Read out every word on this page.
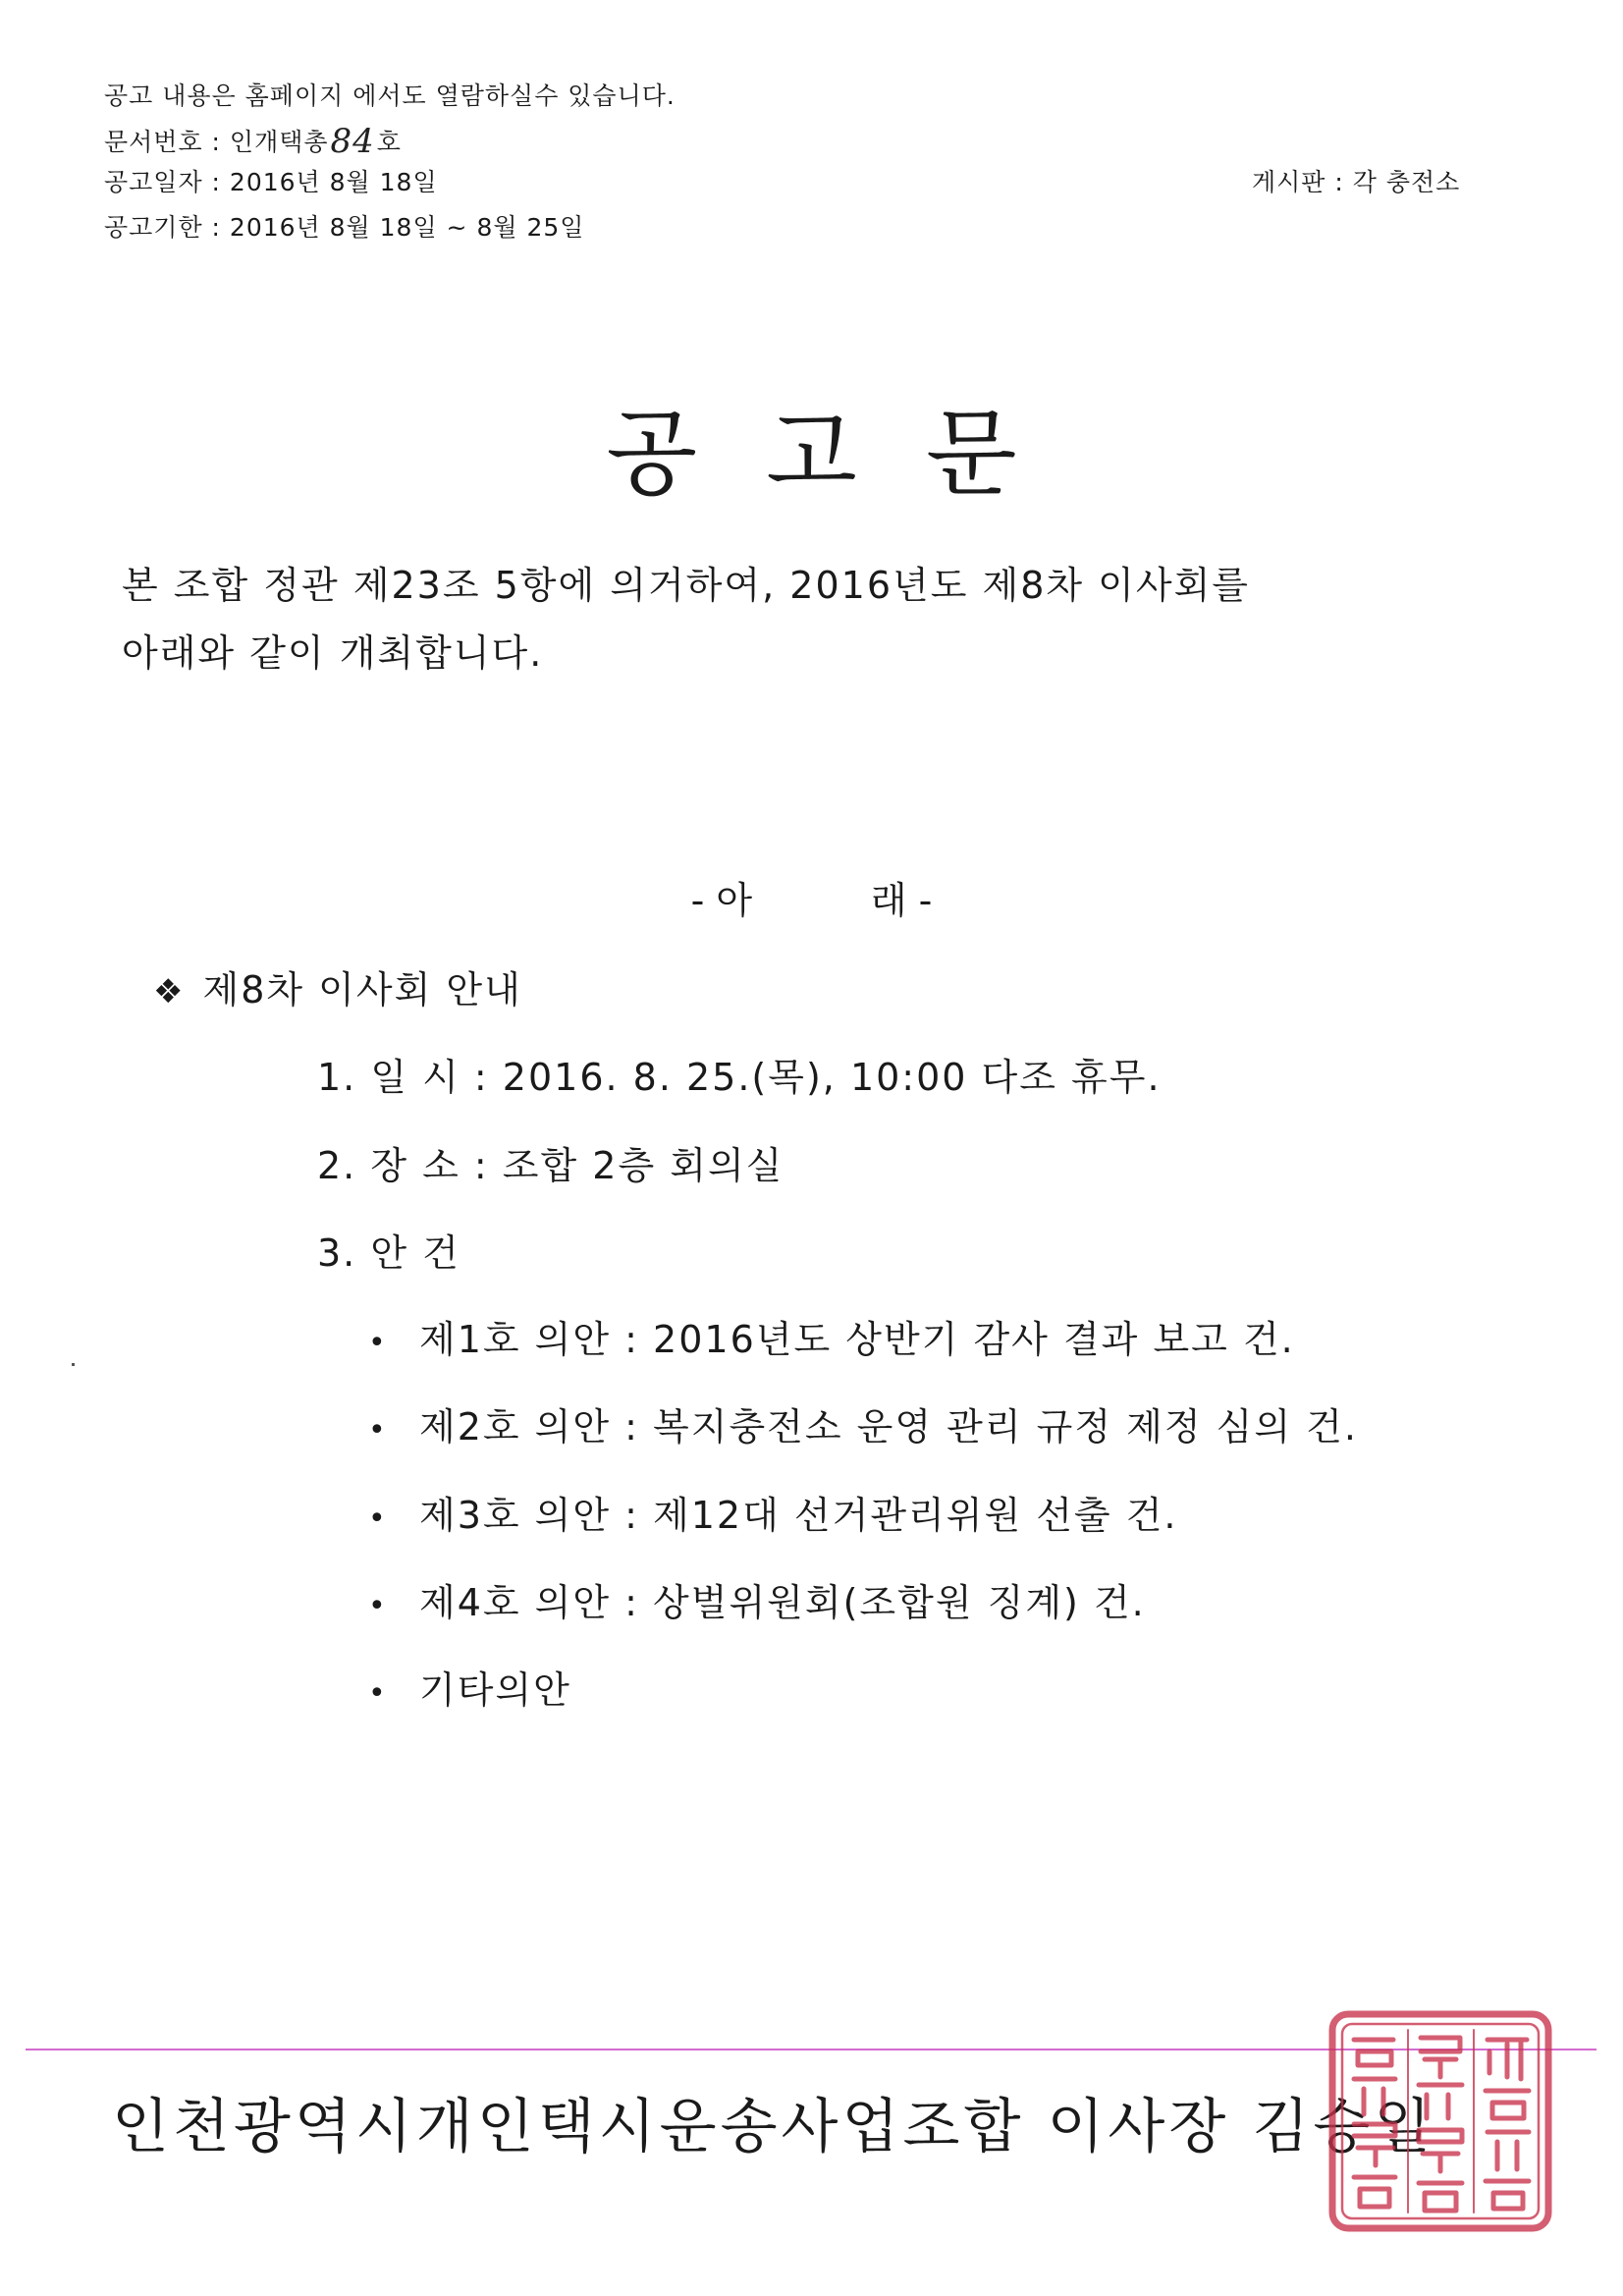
공고 내용은 홈페이지 에서도 열람하실수 있습니다.
문서번호 : 인개택총84호
공고일자 : 2016년 8월 18일	게시판 : 각 충전소
공고기한 : 2016년 8월 18일 ~ 8월 25일
공고문
본 조합 정관 제23조 5항에 의거하여, 2016년도 제8차 이사회를
아래와 같이 개최합니다.
- 아          래 -
❖ 제8차 이사회 안내
1. 일 시 : 2016. 8. 25.(목), 10:00 다조 휴무.
2. 장 소 : 조합 2층 회의실
3. 안 건
• 제1호 의안 : 2016년도 상반기 감사 결과 보고 건.
• 제2호 의안 : 복지충전소 운영 관리 규정 제정 심의 건.
• 제3호 의안 : 제12대 선거관리위원 선출 건.
• 제4호 의안 : 상벌위원회(조합원 징계) 건.
• 기타의안
인천광역시개인택시운송사업조합 이사장 김승일
